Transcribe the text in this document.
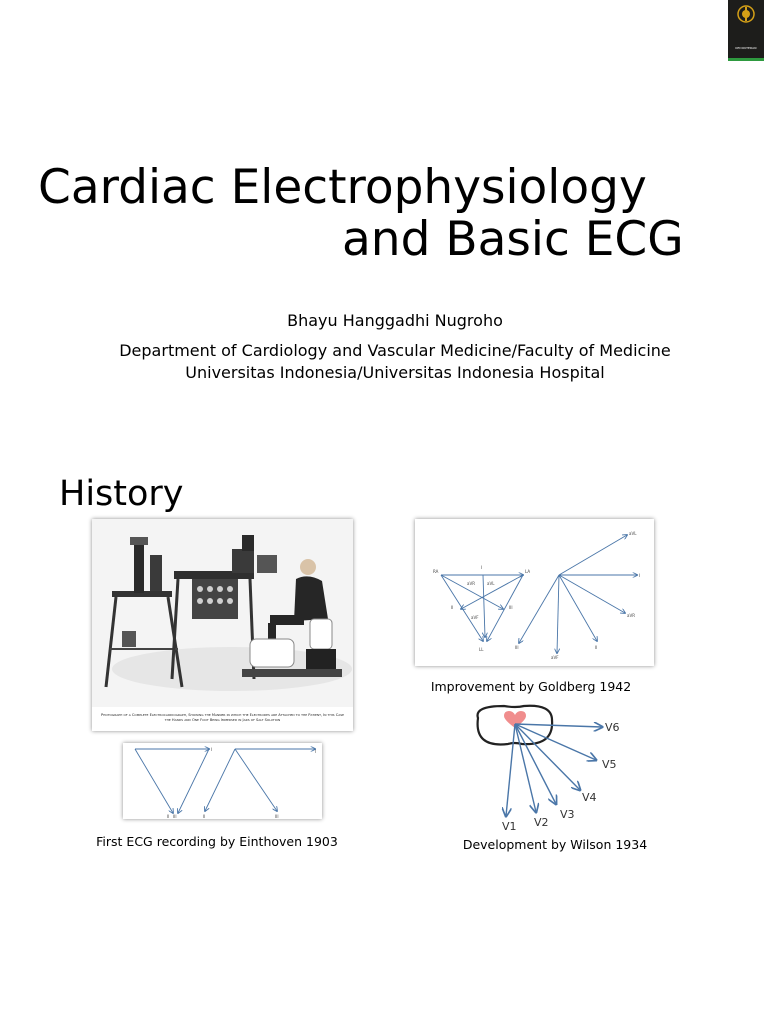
KEDOKTERAN
Cardiac Electrophysiology
and Basic ECG
Bhayu Hanggadhi Nugroho
Department of Cardiology and Vascular Medicine/Faculty of Medicine
Universitas Indonesia/Universitas Indonesia Hospital
History
Photograph of a Complete Electrocardiograph, Showing the Manner in which the Electrodes are Attached to the Patient, In this Case the Hands and One Foot Being Immersed in Jars of Salt Solution
I	I
II III	II	III
First ECG recording by Einthoven 1903
RA	LA
LL
I
II	III
aVR	aVL
aVF
aVL
I
aVR
II
aVF
III
Improvement by Goldberg 1942
V1 V2
V3
V4
V5
V6
Development by Wilson 1934
